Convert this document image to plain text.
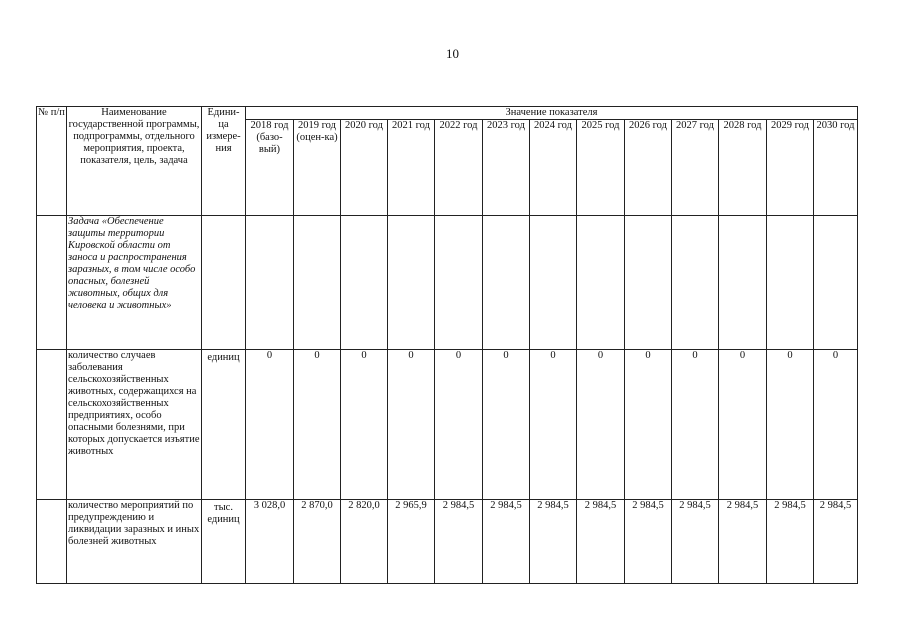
10
№ п/п	Наименование государственной программы, подпрограммы, отдельного мероприятия, проекта, показателя, цель, задача	Едини-ца измере-ния	Значение показателя												
			2018 год (базо-вый)	2019 год (оцен-ка)	2020 год	2021 год	2022 год	2023 год	2024 год	2025 год	2026 год	2027 год	2028 год	2029 год	2030 год
	Задача «Обеспечение защиты территории Кировской области от заноса и распространения заразных, в том числе особо опасных, болезней животных, общих для человека и животных»														
	количество случаев заболевания сельскохозяйственных животных, содержащихся на сельскохозяйственных предприятиях, особо опасными болезнями, при которых допускается изъятие животных	единиц	0	0	0	0	0	0	0	0	0	0	0	0	0
	количество мероприятий по предупреждению и ликвидации заразных и иных болезней животных	тыс. единиц	3 028,0	2 870,0	2 820,0	2 965,9	2 984,5	2 984,5	2 984,5	2 984,5	2 984,5	2 984,5	2 984,5	2 984,5	2 984,5
